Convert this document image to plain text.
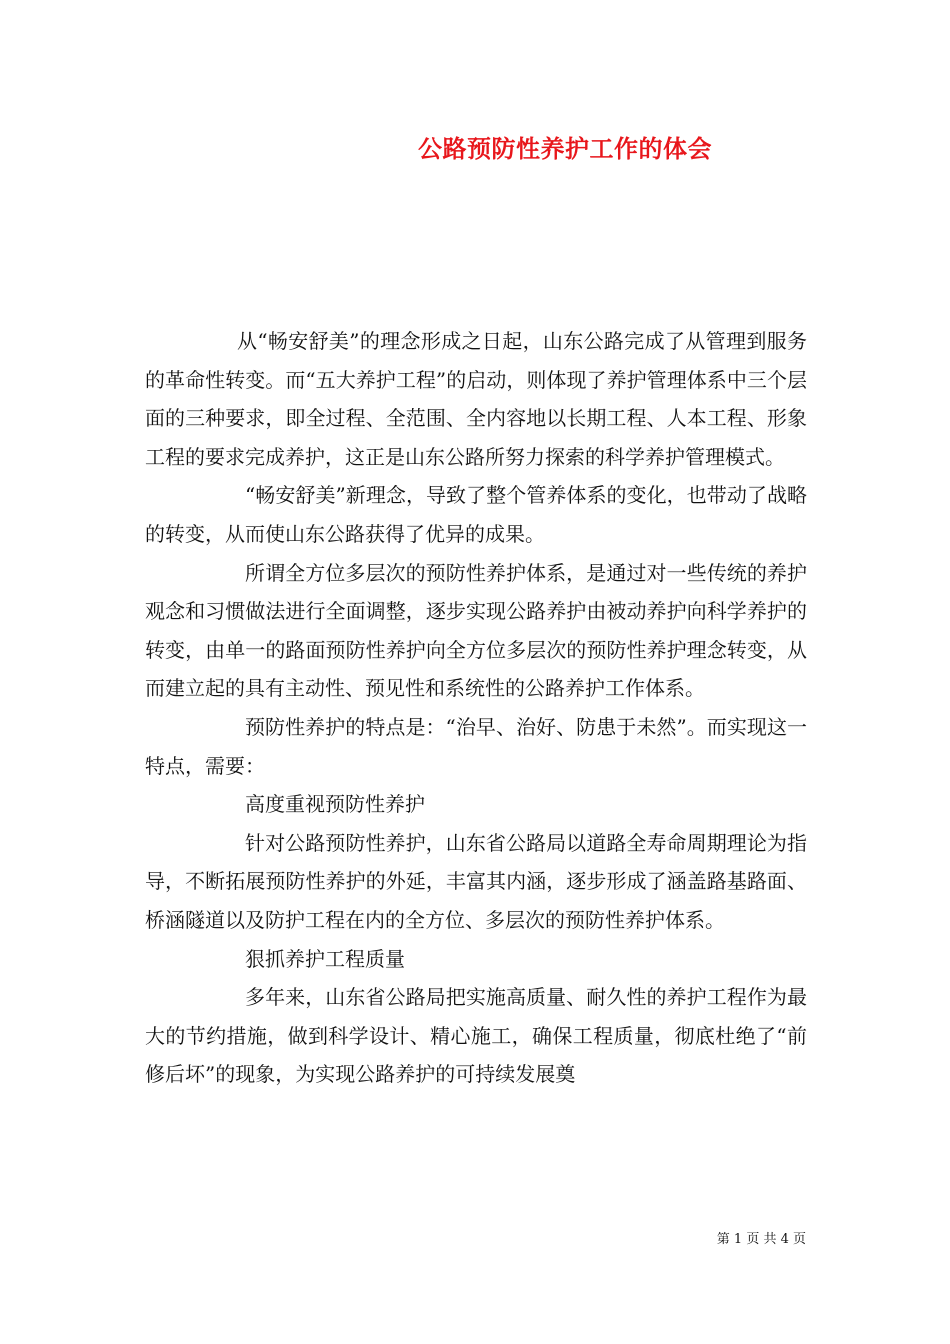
公路预防性养护工作的体会

从“畅安舒美”的理念形成之日起，山东公路完成了从管理到服务的革命性转变。而“五大养护工程”的启动，则体现了养护管理体系中三个层面的三种要求，即全过程、全范围、全内容地以长期工程、人本工程、形象工程的要求完成养护，这正是山东公路所努力探索的科学养护管理模式。

“畅安舒美”新理念，导致了整个管养体系的变化，也带动了战略的转变，从而使山东公路获得了优异的成果。

所谓全方位多层次的预防性养护体系，是通过对一些传统的养护观念和习惯做法进行全面调整，逐步实现公路养护由被动养护向科学养护的转变，由单一的路面预防性养护向全方位多层次的预防性养护理念转变，从而建立起的具有主动性、预见性和系统性的公路养护工作体系。

预防性养护的特点是：“治早、治好、防患于未然”。而实现这一特点，需要：

高度重视预防性养护

针对公路预防性养护，山东省公路局以道路全寿命周期理论为指导，不断拓展预防性养护的外延，丰富其内涵，逐步形成了涵盖路基路面、桥涵隧道以及防护工程在内的全方位、多层次的预防性养护体系。

狠抓养护工程质量

多年来，山东省公路局把实施高质量、耐久性的养护工程作为最大的节约措施，做到科学设计、精心施工，确保工程质量，彻底杜绝了“前修后坏”的现象，为实现公路养护的可持续发展奠

第 1 页 共 4 页
